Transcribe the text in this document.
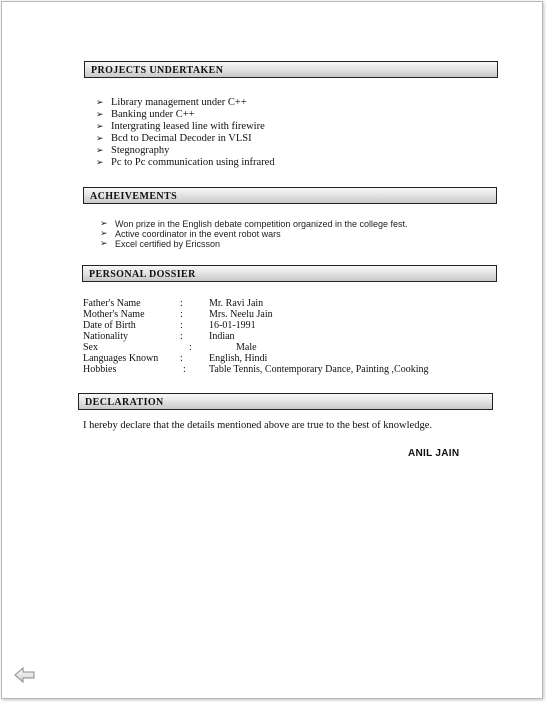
PROJECTS UNDERTAKEN
➢ Library management under C++
➢ Banking under C++
➢ Intergrating leased line with firewire
➢ Bcd to Decimal Decoder in VLSI
➢ Stegnography
➢ Pc to Pc communication using infrared
ACHEIVEMENTS
➢ Won prize in the English debate competition organized in the college fest.
➢ Active coordinator in the event robot wars
➢ Excel certified by Ericsson
PERSONAL DOSSIER
Father's Name	:	Mr. Ravi Jain
Mother's Name	:	Mrs. Neelu Jain
Date of Birth	:	16-01-1991
Nationality	:	Indian
Sex	:	Male
Languages Known :	English, Hindi
Hobbies	: Table Tennis, Contemporary Dance, Painting ,Cooking
DECLARATION
I hereby declare that the details mentioned above are true to the best of knowledge.
ANIL JAIN
